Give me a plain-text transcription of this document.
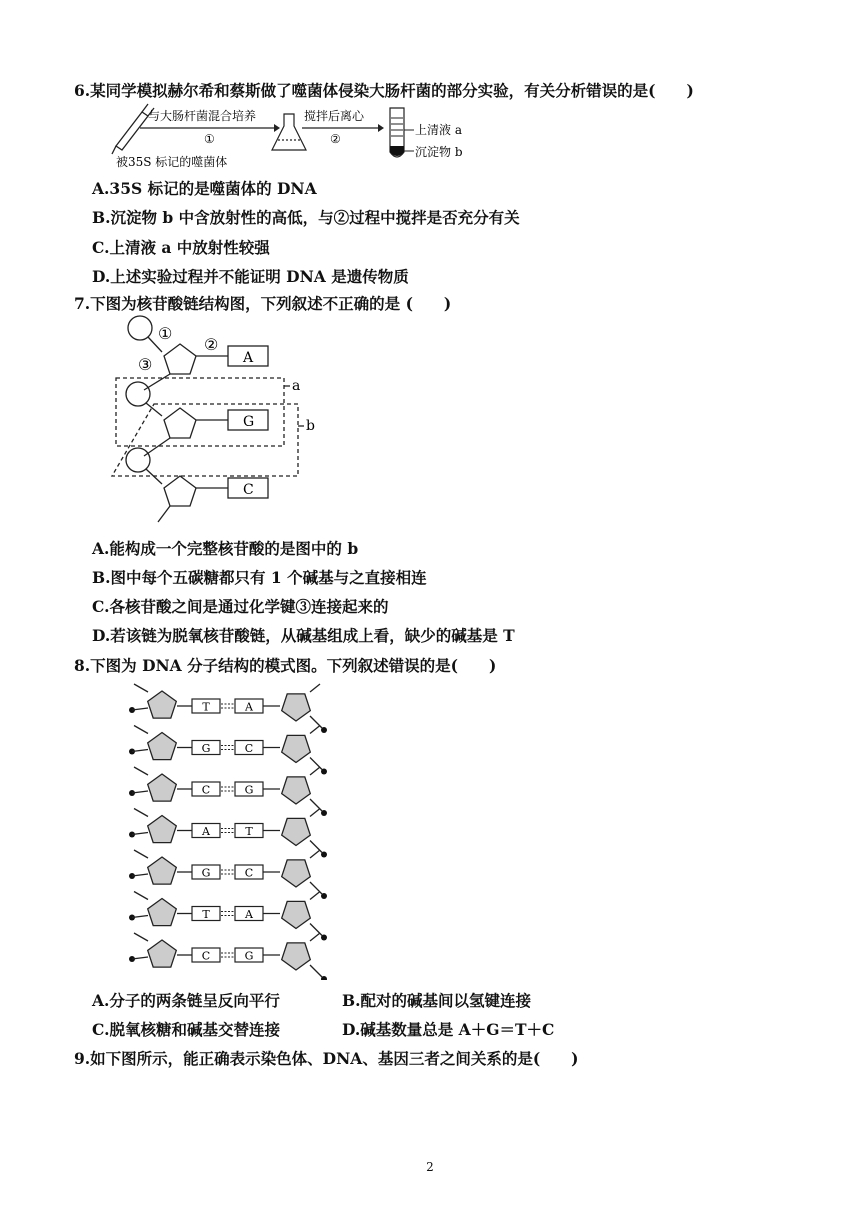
6.某同学模拟赫尔希和蔡斯做了噬菌体侵染大肠杆菌的部分实验，有关分析错误的是(　　)
与大肠杆菌混合培养
①
搅拌后离心
②
上清液 a
沉淀物 b
被35S 标记的噬菌体
A.35S 标记的是噬菌体的 DNA
B.沉淀物 b 中含放射性的高低，与②过程中搅拌是否充分有关
C.上清液 a 中放射性较强
D.上述实验过程并不能证明 DNA 是遗传物质
7.下图为核苷酸链结构图，下列叙述不正确的是 (　　)
①
②
③	A
G
C
a
b
A.能构成一个完整核苷酸的是图中的 b
B.图中每个五碳糖都只有 1 个碱基与之直接相连
C.各核苷酸之间是通过化学键③连接起来的
D.若该链为脱氧核苷酸链，从碱基组成上看，缺少的碱基是 T
8.下图为 DNA 分子结构的模式图。下列叙述错误的是(　　)
T	A
G	C
C	G
A	T
G	C
T	A
C	G
A.分子的两条链呈反向平行	B.配对的碱基间以氢键连接
C.脱氧核糖和碱基交替连接	D.碱基数量总是 A＋G＝T＋C
9.如下图所示，能正确表示染色体、DNA、基因三者之间关系的是(　　)
2
